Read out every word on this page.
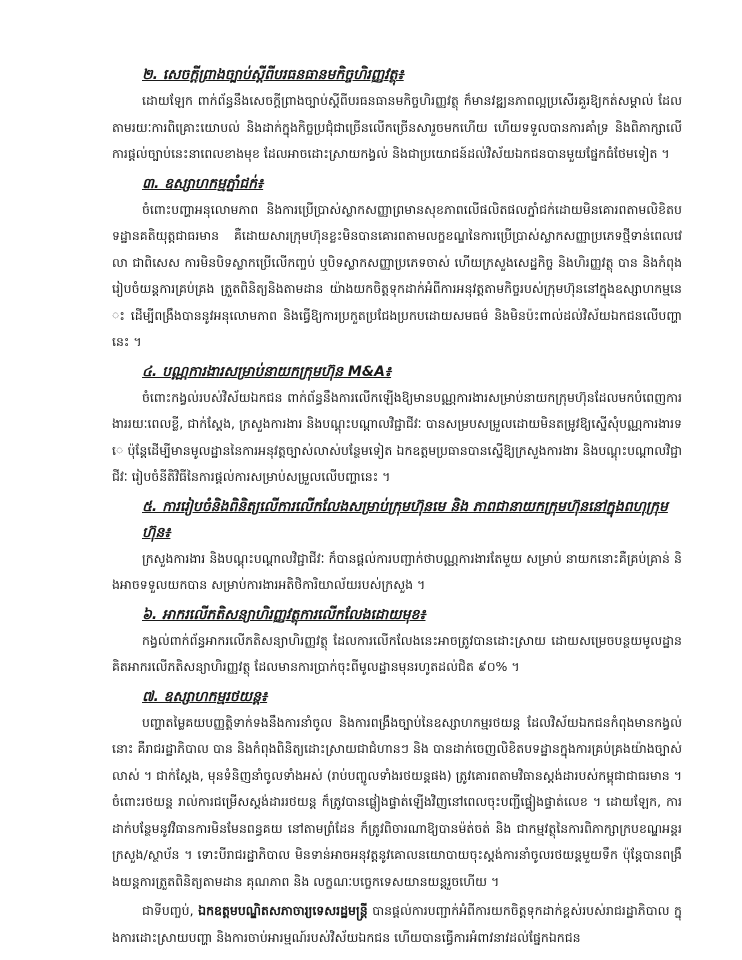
២. សេចក្តីព្រាងច្បាប់ស្តីពីបរធនធានមកិច្ចហិរញ្ញវត្ថុ៖

ដោយឡែក ពាក់ព័ន្ធនឹងសេចក្តីព្រាងច្បាប់ស្តីពីបរធនធានមកិច្ចហិរញ្ញវត្ថុ ក៏មានវឌ្ឍនភាពល្អប្រសើរគួរឱ្យកត់សម្គាល់ ដែលតាមរយៈការពិគ្រោះយោបល់ និងដាក់ក្នុងកិច្ចប្រជុំជាច្រើនលើកច្រើនសារួចមកហើយ ហើយទទួលបានការគាំទ្រ និងពិភាក្សាលើការផ្តល់ច្បាប់នេះនាពេលខាងមុខ ដែលអាចដោះស្រាយកង្វល់ និងជាប្រយោជន៍ដល់វិស័យឯកជនបានមួយផ្នែកធំថែមទៀត ។

៣. ឧស្សាហកម្មភ្នាំជក់៖

ចំពោះបញ្ហាអនុលោមភាព និងការប្រើប្រាស់ស្លាកសញ្ញាព្រមានសុខភាពលើផលិតផលភ្នាំជក់ដោយមិនគោរពតាមលិខិតបទដ្ឋានគតិយុត្តជាធរមាន គឺដោយសារក្រុមហ៊ុនខ្លះមិនបានគោរពតាមលក្ខខណ្ឌនៃការប្រើប្រាស់ស្លាកសញ្ញាប្រភេទថ្មីទាន់ពេលវេលា ជាពិសេស ការមិនបិទស្លាកប្រើលើកញ្ចប់ ឬបិទស្លាកសញ្ញាប្រភេទចាស់ ហើយក្រសួងសេដ្ឋកិច្ច និងហិរញ្ញវត្ថុ បាន និងកំពុងរៀបចំយន្តការគ្រប់គ្រង ត្រួតពិនិត្យនិងតាមដាន យ៉ាងយកចិត្តទុកដាក់អំពីការអនុវត្តតាមកិច្ចរបស់ក្រុមហ៊ុននៅក្នុងឧស្សាហកម្មនេះ ដើម្បីពង្រឹងបាននូវអនុលោមភាព និងធ្វើឱ្យការប្រកួតប្រជែងប្រកបដោយសមធម៌ និងមិនប៉ះពាល់ដល់វិស័យឯកជនលើបញ្ហានេះ ។

៤. បណ្ណការងារសម្រាប់នាយកក្រុមហ៊ុន M&A៖

ចំពោះកង្វល់របស់វិស័យឯកជន ពាក់ព័ន្ធនឹងការលើកឡើងឱ្យមានបណ្ណការងារសម្រាប់នាយកក្រុមហ៊ុនដែលមកបំពេញការងាររយៈពេលខ្លី, ជាក់ស្តែង, ក្រសួងការងារ និងបណ្តុះបណ្តាលវិជ្ជាជីវៈ បានសម្របសម្រួលដោយមិនតម្រូវឱ្យស្នើសុំបណ្ណការងារទេ ប៉ុន្តែដើម្បីមានមូលដ្ឋាននៃការអនុវត្តច្បាស់លាស់បន្ថែមទៀត ឯកឧត្តមប្រធានបានស្នើឱ្យក្រសួងការងារ និងបណ្តុះបណ្តាលវិជ្ជាជីវៈ រៀបចំនីតិវិធីនៃការផ្តល់ការសម្រាប់សម្រួលលើបញ្ហានេះ ។

៥. ការរៀបចំនិងពិនិត្យលើការលើកលែងសម្រាប់ក្រុមហ៊ុនមេ និង ភាពជានាយកក្រុមហ៊ុននៅក្នុងពហុក្រុមហ៊ុន៖

ក្រសួងការងារ និងបណ្តុះបណ្តាលវិជ្ជាជីវៈ ក៏បានផ្តល់ការបញ្ជាក់ថាបណ្ណការងារតែមួយ សម្រាប់ នាយកនោះគឺគ្រប់គ្រាន់ និងអាចទទួលយកបាន សម្រាប់ការងារអតិថិការិយាល័យរបស់ក្រសួង ។

៦. អាករលើភតិសន្យាហិរញ្ញវត្ថុការលើកលែងដោយមុខ៖

កង្វល់ពាក់ព័ន្ធអាករលើភតិសន្យាហិរញ្ញវត្ថុ ដែលការលើកលែងនេះអាចត្រូវបានដោះស្រាយ ដោយសម្រេចបន្ថយមូលដ្ឋានគិតអាករលើភតិសន្យាហិរញ្ញវត្ថុ ដែលមានការប្រាក់ចុះពីមូលដ្ឋានមុនរហូតដល់ជិត ៩០% ។

៧. ឧស្សាហកម្មរថយន្ត៖

បញ្ហាតម្លៃគយបញ្ញត្តិទាក់ទងនឹងការនាំចូល និងការពង្រឹងច្បាប់នៃឧស្សាហកម្មរថយន្ត ដែលវិស័យឯកជនកំពុងមានកង្វល់នោះ គឺរាជរដ្ឋាភិបាល បាន និងកំពុងពិនិត្យដោះស្រាយជាជំហានៗ និង បានដាក់ចេញលិខិតបទដ្ឋានក្នុងការគ្រប់គ្រងយ៉ាងច្បាស់លាស់ ។ ជាក់ស្តែង, មុនទំនិញនាំចូលទាំងអស់ (រាប់បញ្ចូលទាំងរថយន្តផង) ត្រូវគោរពតាមវិធានស្តង់ដារបស់កម្ពុជាជាធរមាន ។ ចំពោះរថយន្ត រាល់ការជម្រើសស្តង់ដាររថយន្ត ក៏ត្រូវបានផ្លៀងផ្ទាត់ឡើងវិញនៅពេលចុះបញ្ជីផ្ទៀងផ្ទាត់លេខ ។ ដោយឡែក, ការដាក់បន្ថែមនូវវិធានការមិនមែនពន្ធគយ នៅតាមព្រំដែន ក៏ត្រូវពិចារណាឱ្យបានម៉ត់ចត់ និង ជាកម្មវត្ថុនៃការពិភាក្សាក្របខណ្ឌអន្តរក្រសួង/ស្ថាប័ន ។ ទោះបីរាជរដ្ឋាភិបាល មិនទាន់អាចអនុវត្តនូវគោលនយោបាយចុះស្តង់ការនាំចូលរថយន្តមួយទឹក ប៉ុន្តែបានពង្រឹងយន្តការត្រួតពិនិត្យតាមដាន គុណភាព និង លក្ខណៈបច្ចេកទេសយានយន្តរួចហើយ ។

ជាទីបញ្ចប់, ឯកឧត្តមបណ្ឌិតសភាចារ្យទេសរដ្ឋមន្ត្រី បានផ្តល់ការបញ្ជាក់អំពីការយកចិត្តទុកដាក់ខ្ពស់របស់រាជរដ្ឋាភិបាល ក្នុងការដោះស្រាយបញ្ហា និងការចាប់អារម្មណ៍របស់វិស័យឯកជន ហើយបានធ្វើការអំពាវនាវដល់ផ្នែកឯកជន
